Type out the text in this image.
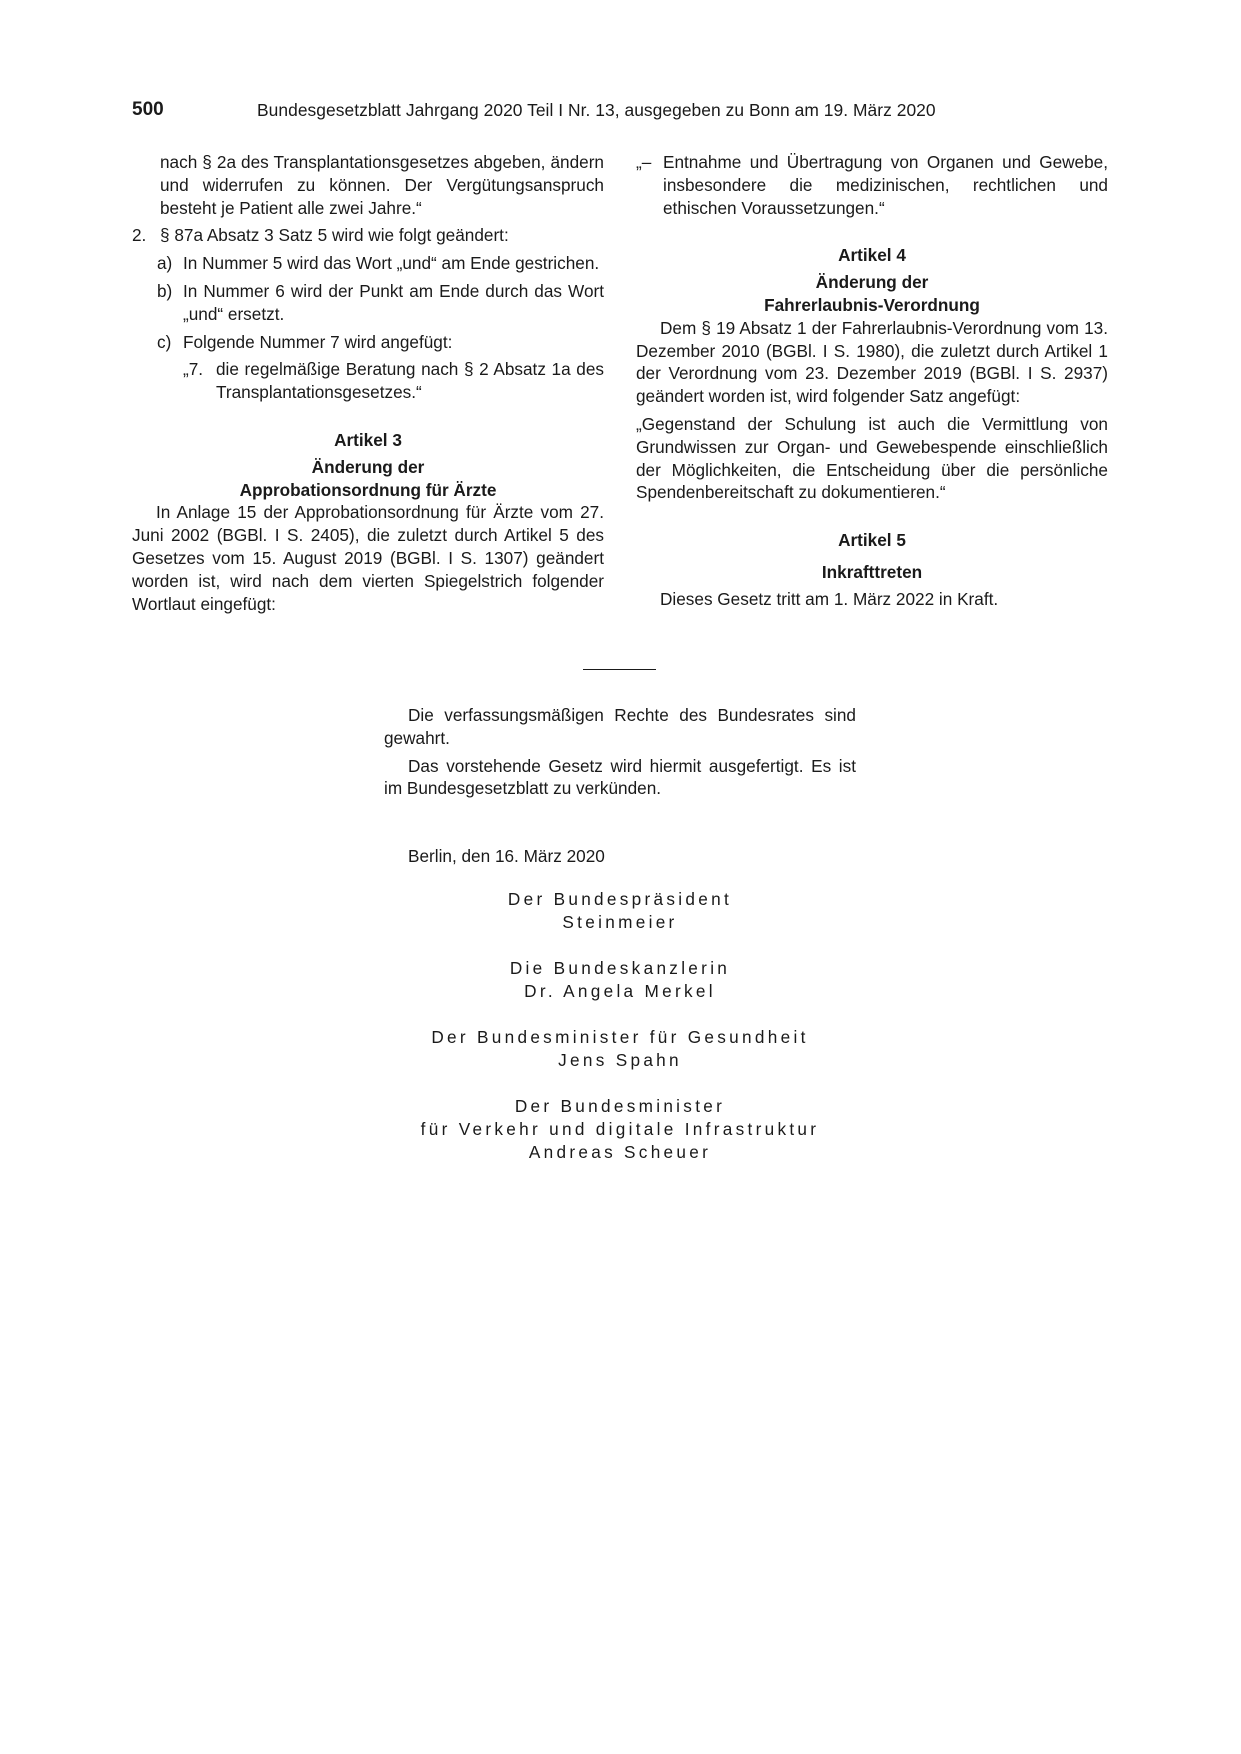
500	Bundesgesetzblatt Jahrgang 2020 Teil I Nr. 13, ausgegeben zu Bonn am 19. März 2020
nach § 2a des Transplantationsgesetzes abgeben, ändern und widerrufen zu können. Der Vergütungsanspruch besteht je Patient alle zwei Jahre.“
2. § 87a Absatz 3 Satz 5 wird wie folgt geändert:
a) In Nummer 5 wird das Wort „und“ am Ende gestrichen.
b) In Nummer 6 wird der Punkt am Ende durch das Wort „und“ ersetzt.
c) Folgende Nummer 7 wird angefügt:
„7. die regelmäßige Beratung nach § 2 Absatz 1a des Transplantationsgesetzes.“
Artikel 3
Änderung der
Approbationsordnung für Ärzte
In Anlage 15 der Approbationsordnung für Ärzte vom 27. Juni 2002 (BGBl. I S. 2405), die zuletzt durch Artikel 5 des Gesetzes vom 15. August 2019 (BGBl. I S. 1307) geändert worden ist, wird nach dem vierten Spiegelstrich folgender Wortlaut eingefügt:
„– Entnahme und Übertragung von Organen und Gewebe, insbesondere die medizinischen, rechtlichen und ethischen Voraussetzungen.“
Artikel 4
Änderung der
Fahrerlaubnis-Verordnung
Dem § 19 Absatz 1 der Fahrerlaubnis-Verordnung vom 13. Dezember 2010 (BGBl. I S. 1980), die zuletzt durch Artikel 1 der Verordnung vom 23. Dezember 2019 (BGBl. I S. 2937) geändert worden ist, wird folgender Satz angefügt:
„Gegenstand der Schulung ist auch die Vermittlung von Grundwissen zur Organ- und Gewebespende einschließlich der Möglichkeiten, die Entscheidung über die persönliche Spendenbereitschaft zu dokumentieren.“
Artikel 5
Inkrafttreten
Dieses Gesetz tritt am 1. März 2022 in Kraft.
Die verfassungsmäßigen Rechte des Bundesrates sind gewahrt.
Das vorstehende Gesetz wird hiermit ausgefertigt. Es ist im Bundesgesetzblatt zu verkünden.
Berlin, den 16. März 2020
Der Bundespräsident
Steinmeier
Die Bundeskanzlerin
Dr. Angela Merkel
Der Bundesminister für Gesundheit
Jens Spahn
Der Bundesminister
für Verkehr und digitale Infrastruktur
Andreas Scheuer
